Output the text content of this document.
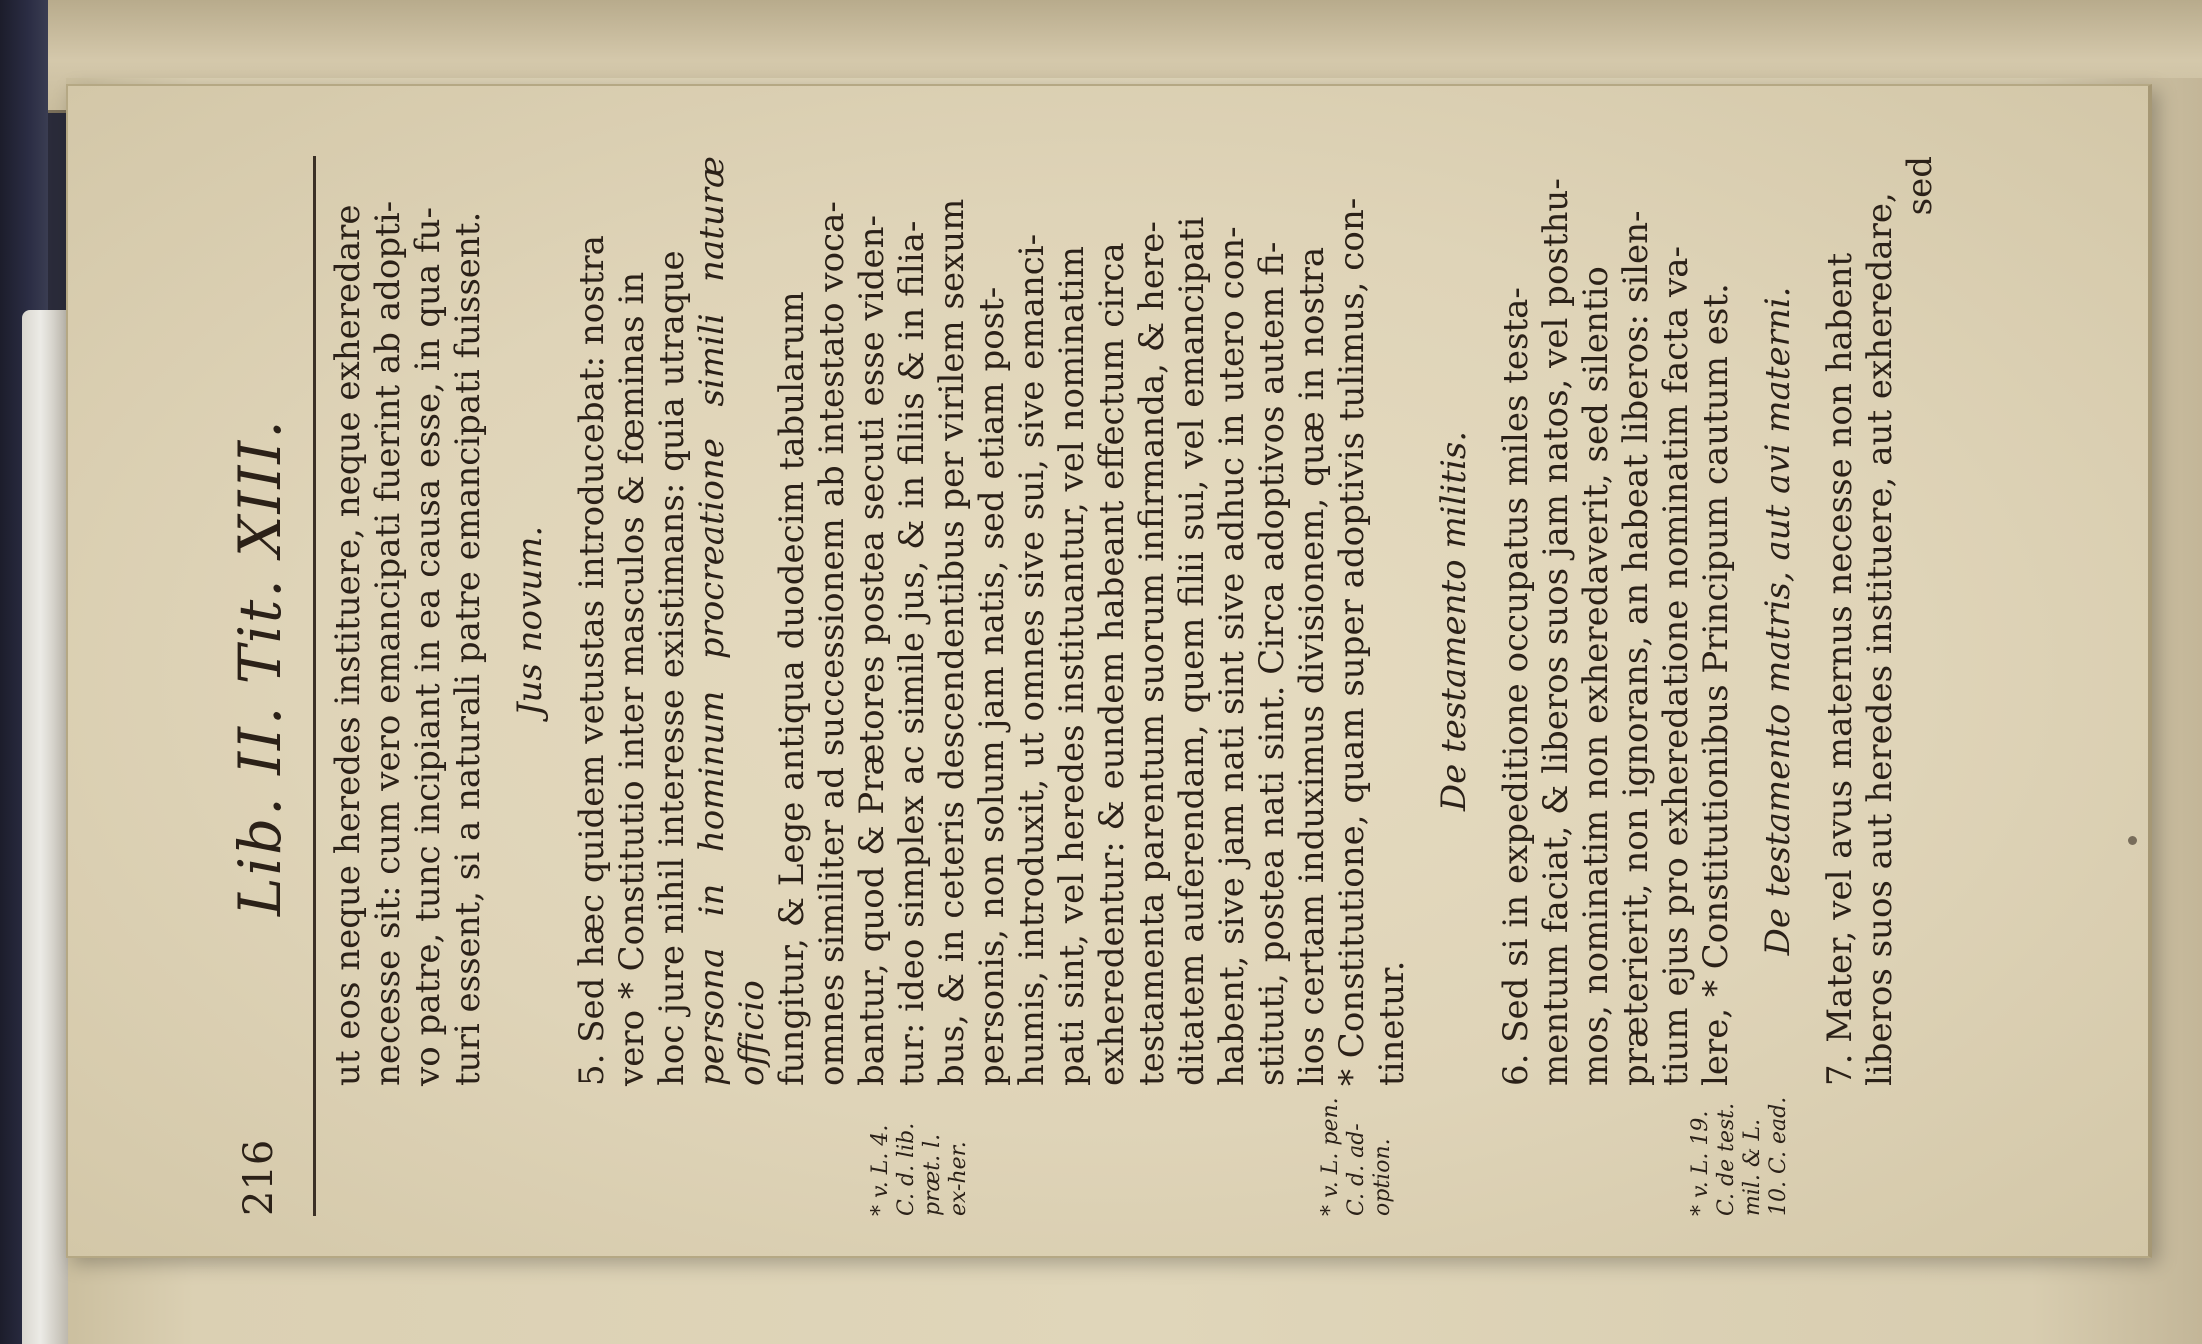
216
Lib. II. Tit. XIII.
* v. L. 4. C. d. lib. præt. l. ex-her.	* v. L. pen. C. d. ad-option.	* v. L. 19. C. de test. mil. & L. 10. C. ead.

ut eos neque heredes instituere, neque exheredare necesse sit: cum vero emancipati fuerint ab adopti- vo patre, tunc incipiant in ea causa esse, in qua fu- turi essent, si a naturali patre emancipati fuissent. Jus novum. 5. Sed hæc quidem vetustas introducebat: nostra vero * Constitutio inter masculos & fœminas in hoc jure nihil interesse existimans: quia utraque persona in hominum procreatione simili naturæ officio fungitur, & Lege antiqua duodecim tabularum omnes similiter ad successionem ab intestato voca- bantur, quod & Prætores postea secuti esse viden- tur: ideo simplex ac simile jus, & in filiis & in filia- bus, & in ceteris descendentibus per virilem sexum personis, non solum jam natis, sed etiam post- humis, introduxit, ut omnes sive sui, sive emanci- pati sint, vel heredes instituantur, vel nominatim exheredentur: & eundem habeant effectum circa testamenta parentum suorum infirmanda, & here- ditatem auferendam, quem filii sui, vel emancipati habent, sive jam nati sint sive adhuc in utero con- stituti, postea nati sint. Circa adoptivos autem fi- lios certam induximus divisionem, quæ in nostra * Constitutione, quam super adoptivis tulimus, con- tinetur.

De testamento militis. 6. Sed si in expeditione occupatus miles testa- mentum faciat, & liberos suos jam natos, vel posthu- mos, nominatim non exheredaverit, sed silentio præterierit, non ignorans, an habeat liberos: silen- tium ejus pro exheredatione nominatim facta va- lere, * Constitutionibus Principum cautum est. De testamento matris, aut avi materni. 7. Mater, vel avus maternus necesse non habent liberos suos aut heredes instituere, aut exheredare,

sed
